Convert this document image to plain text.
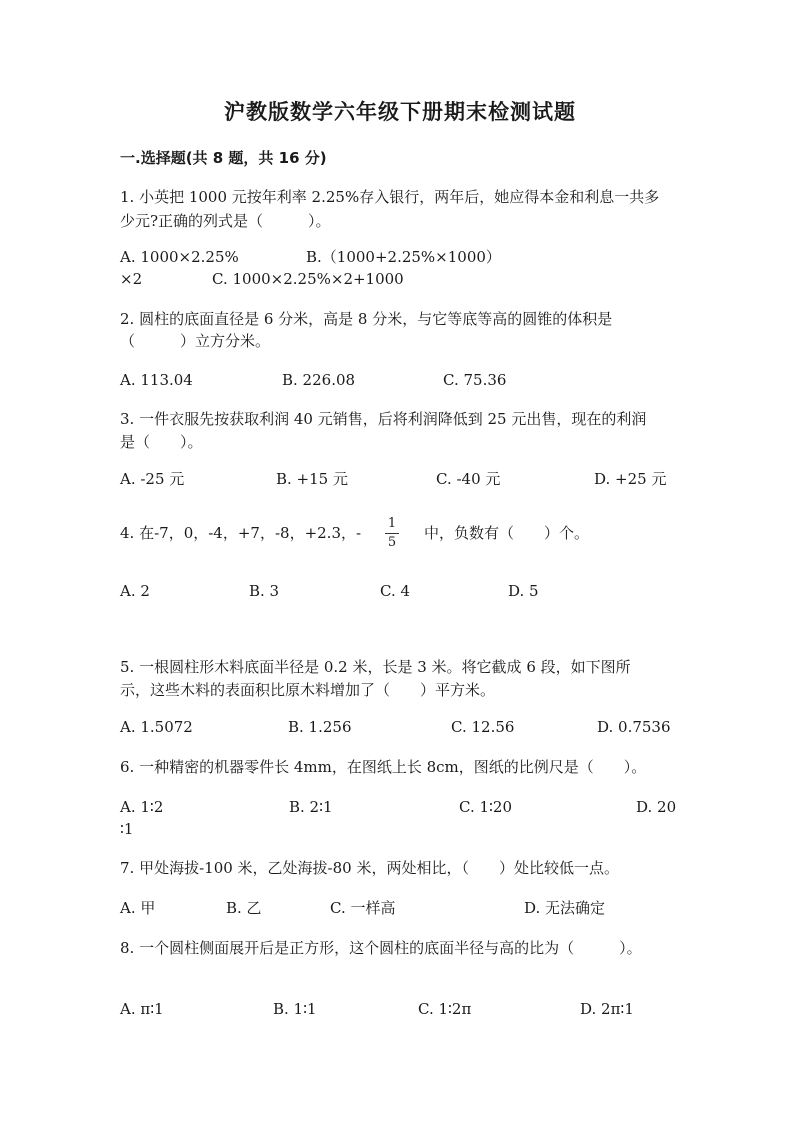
沪教版数学六年级下册期末检测试题
一.选择题(共 8 题，共 16 分)
1. 小英把 1000 元按年利率 2.25%存入银行，两年后，她应得本金和利息一共多
少元?正确的列式是（　　　）。
A. 1000×2.25%	B.（1000+2.25%×1000）
×2	C. 1000×2.25%×2+1000
2. 圆柱的底面直径是 6 分米，高是 8 分米，与它等底等高的圆锥的体积是
（　　　）立方分米。
A. 113.04	B. 226.08	C. 75.36
3. 一件衣服先按获取利润 40 元销售，后将利润降低到 25 元出售，现在的利润
是（　　）。
A. -25 元	B. +15 元	C. -40 元	D. +25 元
4. 在-7，0，-4，+7，-8，+2.3，-
1
5
中，负数有（　　）个。
A. 2	B. 3	C. 4	D. 5
5. 一根圆柱形木料底面半径是 0.2 米，长是 3 米。将它截成 6 段，如下图所
示，这些木料的表面积比原木料增加了（　　）平方米。
A. 1.5072	B. 1.256	C. 12.56	D. 0.7536
6. 一种精密的机器零件长 4mm，在图纸上长 8cm，图纸的比例尺是（　　）。
A. 1∶2	B. 2∶1	C. 1∶20	D. 20
∶1
7. 甲处海拔-100 米，乙处海拔-80 米，两处相比，（　　）处比较低一点。
A. 甲	B. 乙	C. 一样高	D. 无法确定
8. 一个圆柱侧面展开后是正方形，这个圆柱的底面半径与高的比为（　　　）。
A. π∶1	B. 1∶1	C. 1∶2π	D. 2π∶1
